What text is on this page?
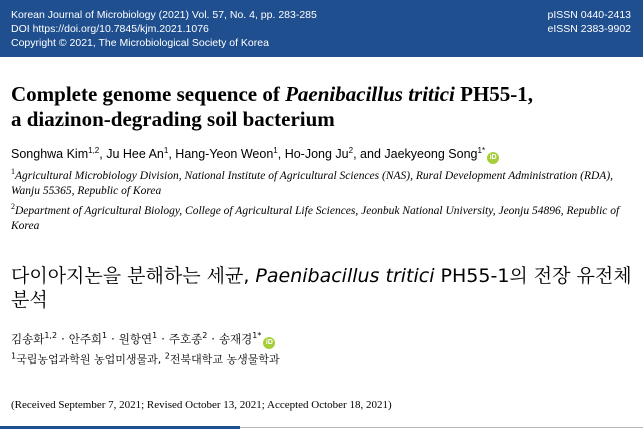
Korean Journal of Microbiology (2021) Vol. 57, No. 4, pp. 283-285
DOI https://doi.org/10.7845/kjm.2021.1076
Copyright © 2021, The Microbiological Society of Korea
pISSN 0440-2413
eISSN 2383-9902
Complete genome sequence of Paenibacillus tritici PH55-1,
a diazinon-degrading soil bacterium
Songhwa Kim$^{1,2}$, Ju Hee An$^1$, Hang-Yeon Weon$^1$, Ho-Jong Ju$^2$, and Jaekyeong Song$^{1*}$iD
$^1$Agricultural Microbiology Division, National Institute of Agricultural Sciences (NAS), Rural Development Administration (RDA), Wanju 55365, Republic of Korea
$^2$Department of Agricultural Biology, College of Agricultural Life Sciences, Jeonbuk National University, Jeonju 54896, Republic of Korea
다이아지논을 분해하는 세균, Paenibacillus tritici PH55-1의 전장 유전체 분석
김송화$^{1,2}$ · 안주희$^1$ · 원항연$^1$ · 주호종$^2$ · 송재경$^{1*}$iD
$^1$국립농업과학원 농업미생물과, $^2$전북대학교 농생물학과
(Received September 7, 2021; Revised October 13, 2021; Accepted October 18, 2021)
